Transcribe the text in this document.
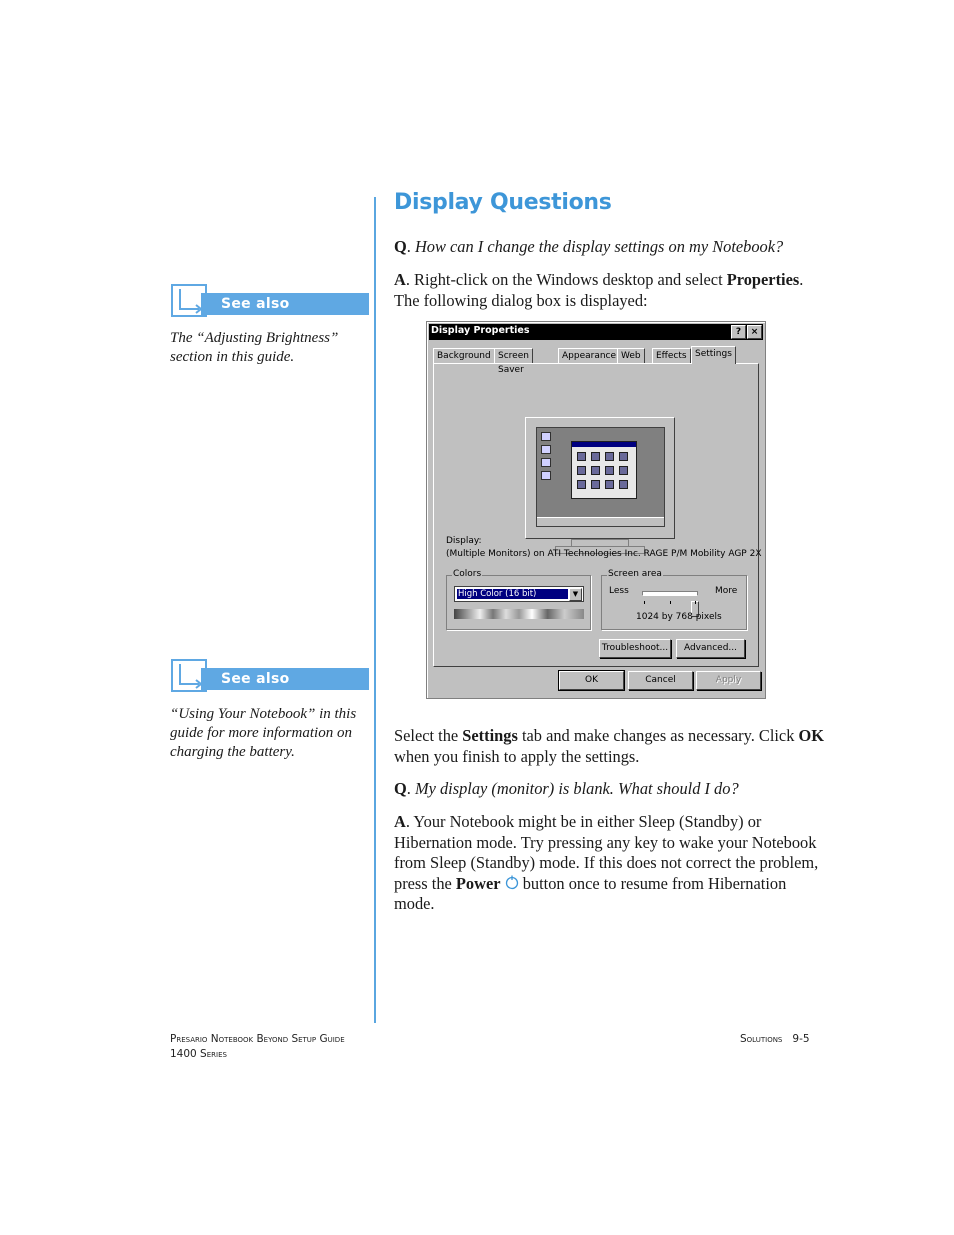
See also

The “Adjusting Brightness” section in this guide.

See also

“Using Your Notebook” in this guide for more information on charging the battery.

Display Questions

Q. How can I change the display settings on my Notebook?

A. Right-click on the Windows desktop and select Properties. The following dialog box is displayed:

Display Properties	?	×
Background Screen Saver
Appearance Web	Effects Settings
Display:
(Multiple Monitors) on ATI Technologies Inc. RAGE P/M Mobility AGP 2X
Colors
High Color (16 bit)	▼
Screen area
Less	More
1024 by 768 pixels
Troubleshoot...	Advanced...
OK	Cancel	Apply

Select the Settings tab and make changes as necessary. Click OK when you finish to apply the settings.

Q. My display (monitor) is blank. What should I do?

A. Your Notebook might be in either Sleep (Standby) or Hibernation mode. Try pressing any key to wake your Notebook from Sleep (Standby) mode. If this does not correct the problem, press the Power  button once to resume from Hibernation mode.

Presario Notebook Beyond Setup Guide
1400 Series
Solutions 9-5
